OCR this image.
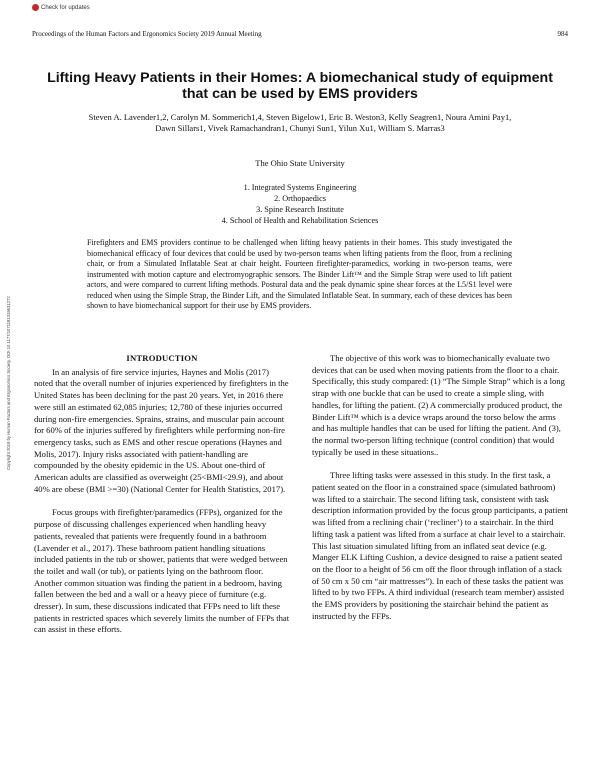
Check for updates
Proceedings of the Human Factors and Ergonomics Society 2019 Annual Meeting	984
Copyright 2019 by Human Factors and Ergonomics Society. DOI 10.1177/1071181319631272
Lifting Heavy Patients in their Homes: A biomechanical study of equipment that can be used by EMS providers
Steven A. Lavender1,2, Carolyn M. Sommerich1,4, Steven Bigelow1, Eric B. Weston3, Kelly Seagren1, Noura Amini Pay1, Dawn Sillars1, Vivek Ramachandran1, Chunyi Sun1, Yilun Xu1, William S. Marras3
The Ohio State University
1. Integrated Systems Engineering
2. Orthopaedics
3. Spine Research Institute
4. School of Health and Rehabilitation Sciences
Firefighters and EMS providers continue to be challenged when lifting heavy patients in their homes. This study investigated the biomechanical efficacy of four devices that could be used by two-person teams when lifting patients from the floor, from a reclining chair, or from a Simulated Inflatable Seat at chair height. Fourteen firefighter-paramedics, working in two-person teams, were instrumented with motion capture and electromyographic sensors. The Binder Lift™ and the Simple Strap were used to lift patient actors, and were compared to current lifting methods. Postural data and the peak dynamic spine shear forces at the L5/S1 level were reduced when using the Simple Strap, the Binder Lift, and the Simulated Inflatable Seat. In summary, each of these devices has been shown to have biomechanical support for their use by EMS providers.
INTRODUCTION

In an analysis of fire service injuries, Haynes and Molis (2017) noted that the overall number of injuries experienced by firefighters in the United States has been declining for the past 20 years. Yet, in 2016 there were still an estimated 62,085 injuries; 12,780 of these injuries occurred during non-fire emergencies. Sprains, strains, and muscular pain account for 60% of the injuries suffered by firefighters while performing non-fire emergency tasks, such as EMS and other rescue operations (Haynes and Molis, 2017). Injury risks associated with patient-handling are compounded by the obesity epidemic in the US. About one-third of American adults are classified as overweight (25<BMI<29.9), and about 40% are obese (BMI >=30) (National Center for Health Statistics, 2017).

Focus groups with firefighter/paramedics (FFPs), organized for the purpose of discussing challenges experienced when handling heavy patients, revealed that patients were frequently found in a bathroom (Lavender et al., 2017). These bathroom patient handling situations included patients in the tub or shower, patients that were wedged between the toilet and wall (or tub), or patients lying on the bathroom floor. Another common situation was finding the patient in a bedroom, having fallen between the bed and a wall or a heavy piece of furniture (e.g. dresser). In sum, these discussions indicated that FFPs need to lift these patients in restricted spaces which severely limits the number of FFPs that can assist in these efforts.

The objective of this work was to biomechanically evaluate two devices that can be used when moving patients from the floor to a chair. Specifically, this study compared: (1) “The Simple Strap” which is a long strap with one buckle that can be used to create a simple sling, with handles, for lifting the patient. (2) A commercially produced product, the Binder Lift™ which is a device wraps around the torso below the arms and has multiple handles that can be used for lifting the patient. And (3), the normal two-person lifting technique (control condition) that would typically be used in these situations..

Three lifting tasks were assessed in this study. In the first task, a patient seated on the floor in a constrained space (simulated bathroom) was lifted to a stairchair. The second lifting task, consistent with task description information provided by the focus group participants, a patient was lifted from a reclining chair (‘recliner’) to a stairchair. In the third lifting task a patient was lifted from a surface at chair level to a stairchair. This last situation simulated lifting from an inflated seat device (e.g. Manger ELK Lifting Cushion, a device designed to raise a patient seated on the floor to a height of 56 cm off the floor through inflation of a stack of 50 cm x 50 cm “air mattresses”). In each of these tasks the patient was lifted to by two FFPs. A third individual (research team member) assisted the EMS providers by positioning the stairchair behind the patient as instructed by the FFPs.
